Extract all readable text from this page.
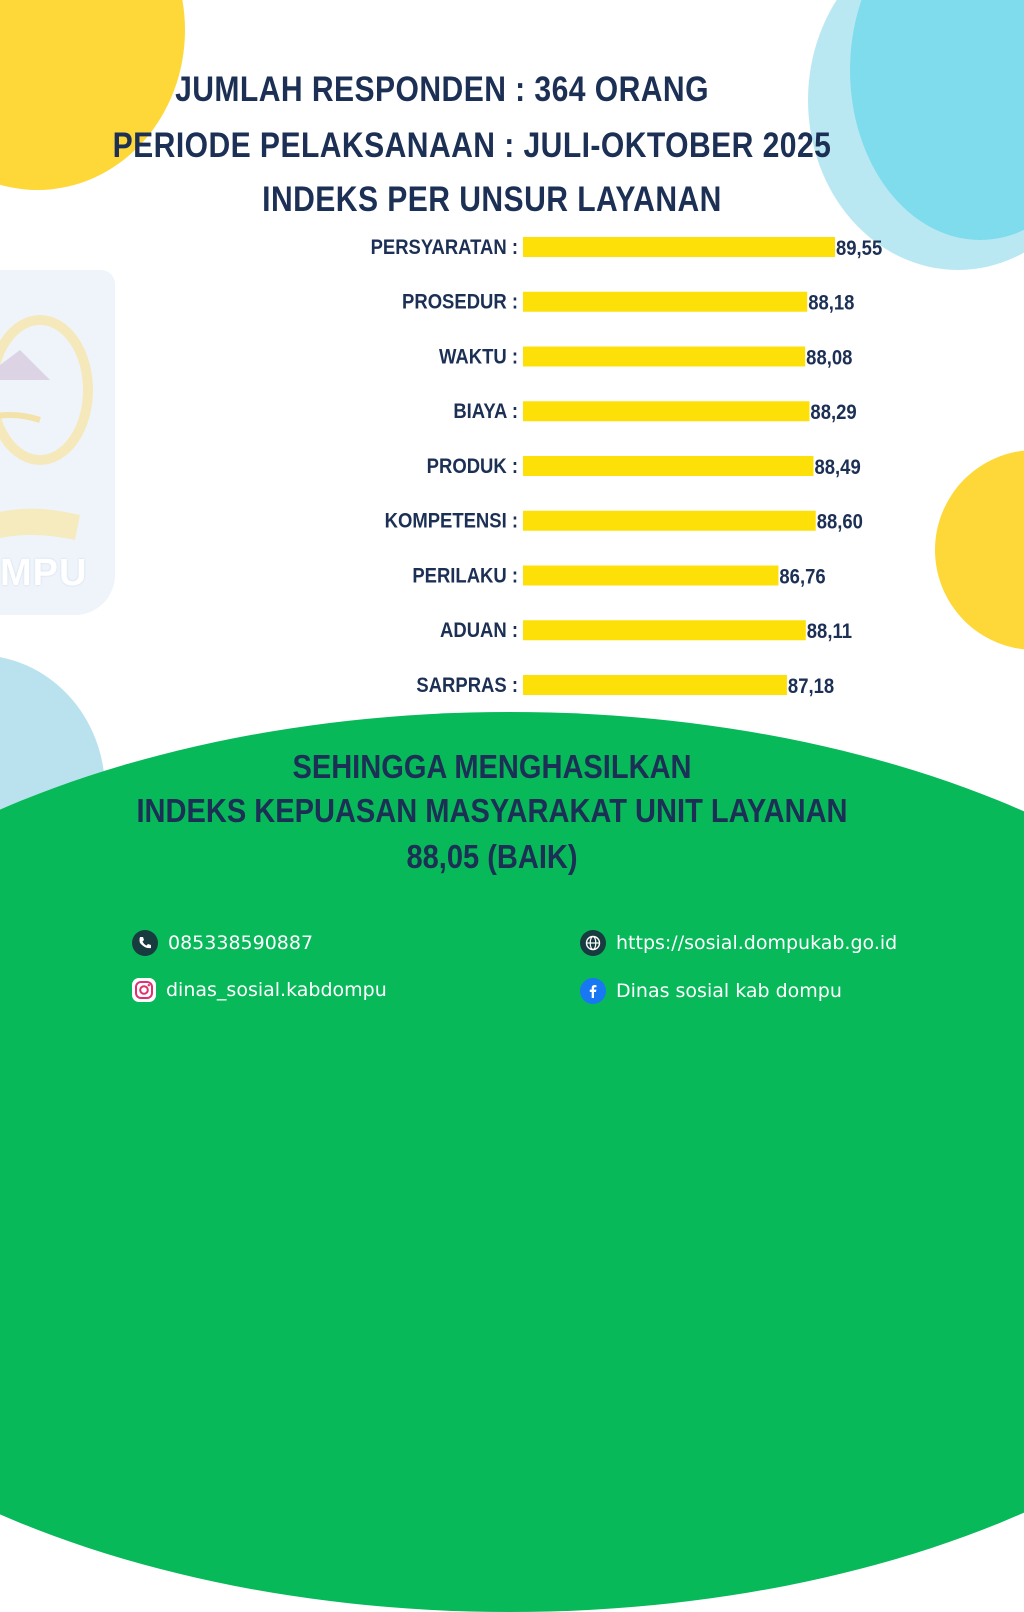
MPU
JUMLAH RESPONDEN : 364 ORANG
PERIODE PELAKSANAAN : JULI-OKTOBER 2025
INDEKS PER UNSUR LAYANAN
PERSYARATAN :	89,55
PROSEDUR :	88,18
WAKTU :	88,08
BIAYA :	88,29
PRODUK :	88,49
KOMPETENSI :	88,60
PERILAKU :	86,76
ADUAN :	88,11
SARPRAS :	87,18
SEHINGGA MENGHASILKAN
INDEKS KEPUASAN MASYARAKAT UNIT LAYANAN
88,05 (BAIK)
085338590887	https://sosial.dompukab.go.id
dinas_sosial.kabdompu	Dinas sosial kab dompu
